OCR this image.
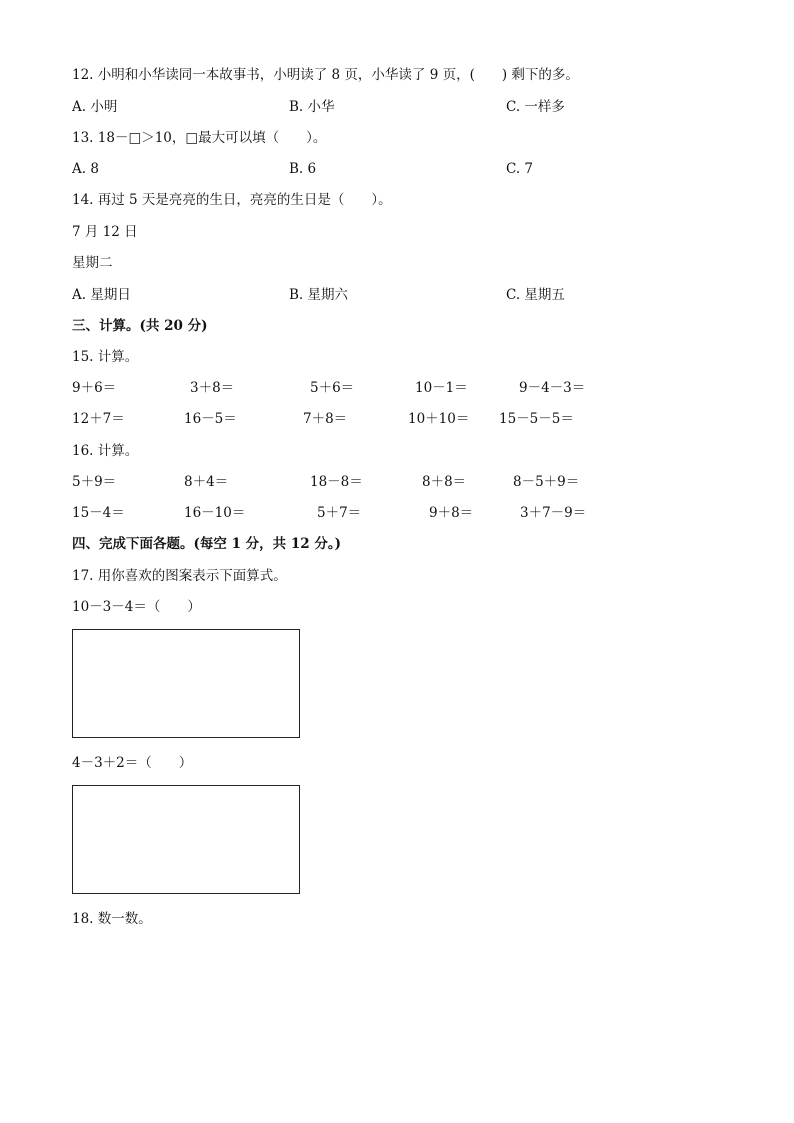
12. 小明和小华读同一本故事书，小明读了 8 页，小华读了 9 页，(　　) 剩下的多。
A. 小明	B. 小华	C. 一样多
13. 18－□＞10，□最大可以填（　　）。
A. 8	B. 6	C. 7
14. 再过 5 天是亮亮的生日，亮亮的生日是（　　）。
7 月 12 日
星期二
A. 星期日	B. 星期六	C. 星期五
三、计算。(共 20 分)
15. 计算。
9＋6＝	3＋8＝	5＋6＝	10－1＝	9－4－3＝
12＋7＝	16－5＝	7＋8＝	10＋10＝ 15－5－5＝
16. 计算。
5＋9＝	8＋4＝	18－8＝	8＋8＝	8－5＋9＝
15－4＝	16－10＝	5＋7＝	9＋8＝	3＋7－9＝
四、完成下面各题。(每空 1 分，共 12 分。)
17. 用你喜欢的图案表示下面算式。
10－3－4＝（　　）
4－3＋2＝（　　）
18. 数一数。
